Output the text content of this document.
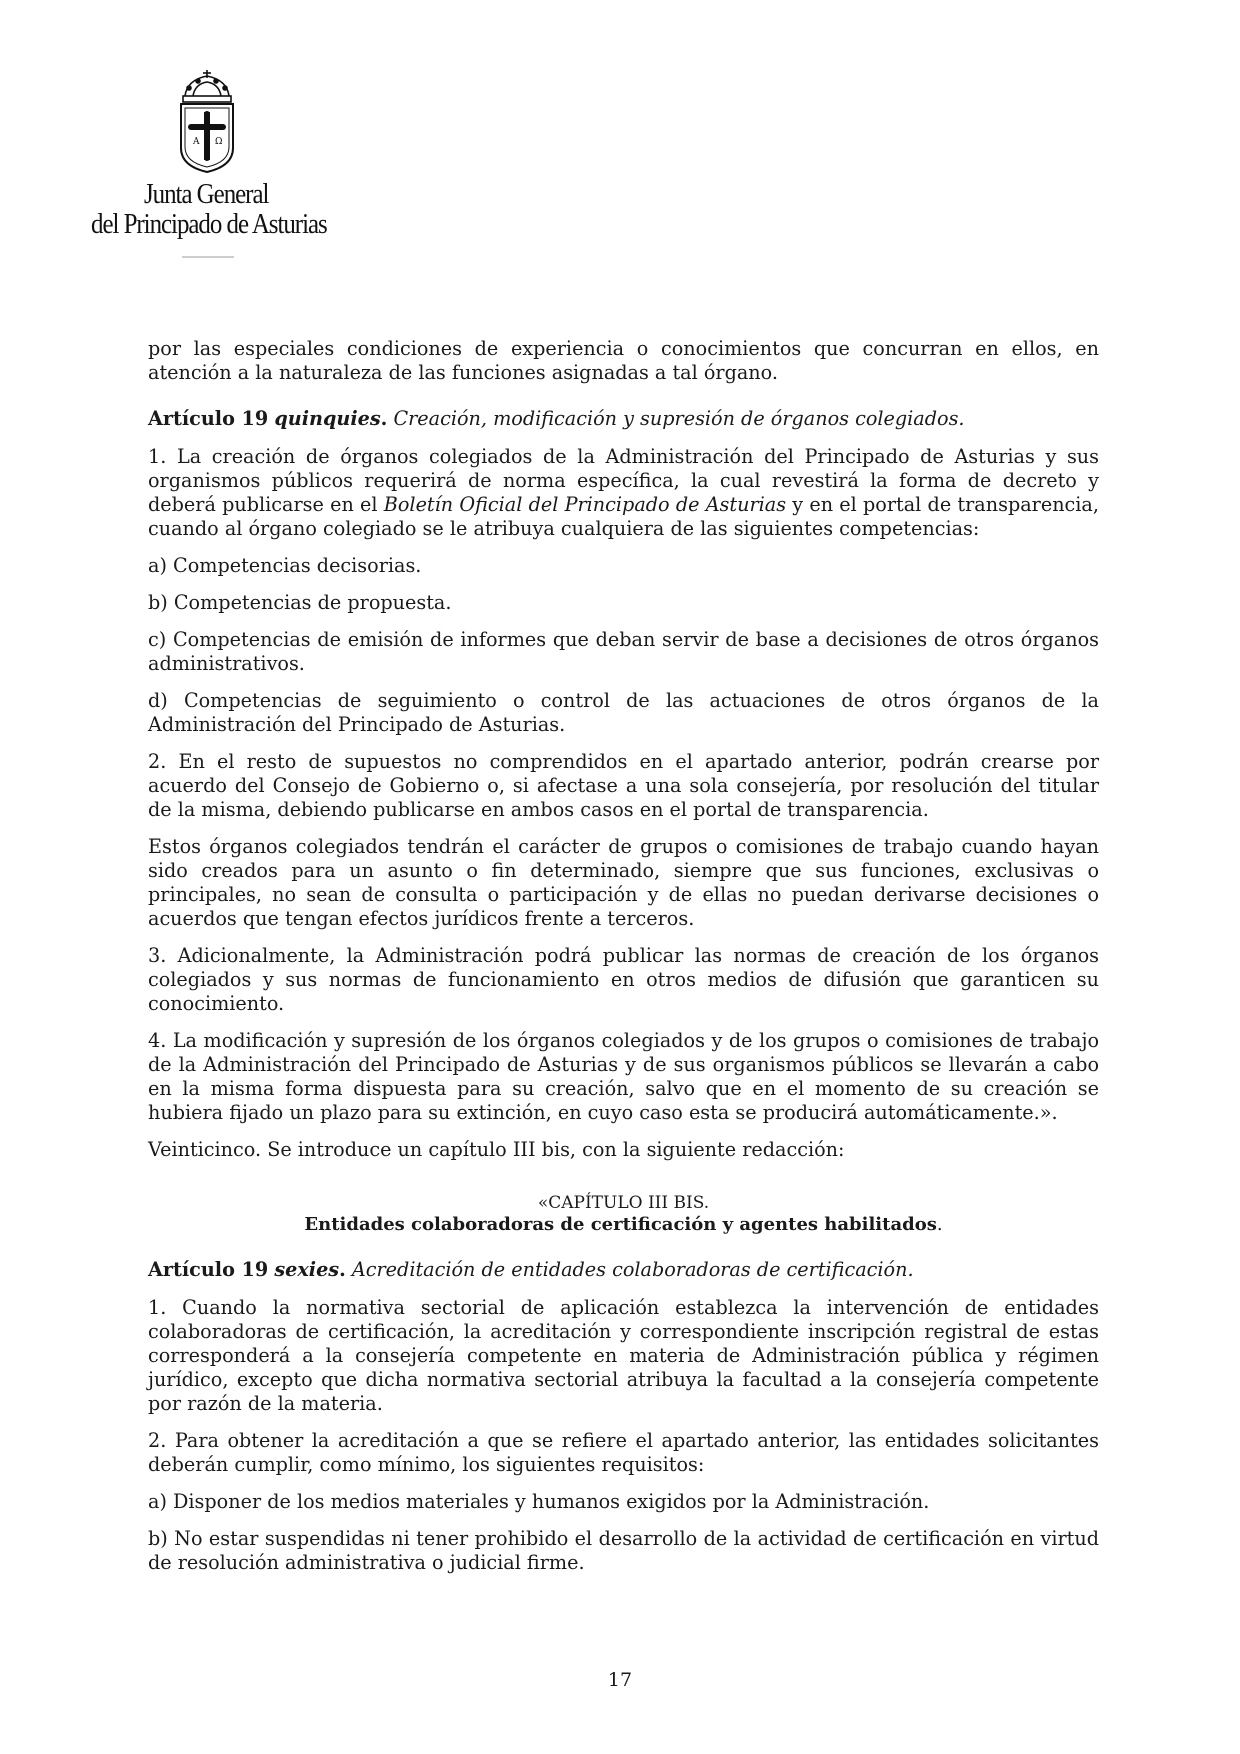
A Ω
Junta General
del Principado de Asturias

por las especiales condiciones de experiencia o conocimientos que concurran en ellos, en atención a la naturaleza de las funciones asignadas a tal órgano.

Artículo 19 quinquies. Creación, modificación y supresión de órganos colegiados.

1. La creación de órganos colegiados de la Administración del Principado de Asturias y sus organismos públicos requerirá de norma específica, la cual revestirá la forma de decreto y deberá publicarse en el Boletín Oficial del Principado de Asturias y en el portal de transparencia, cuando al órgano colegiado se le atribuya cualquiera de las siguientes competencias:

a) Competencias decisorias.

b) Competencias de propuesta.

c) Competencias de emisión de informes que deban servir de base a decisiones de otros órganos administrativos.

d) Competencias de seguimiento o control de las actuaciones de otros órganos de la Administración del Principado de Asturias.

2. En el resto de supuestos no comprendidos en el apartado anterior, podrán crearse por acuerdo del Consejo de Gobierno o, si afectase a una sola consejería, por resolución del titular de la misma, debiendo publicarse en ambos casos en el portal de transparencia.

Estos órganos colegiados tendrán el carácter de grupos o comisiones de trabajo cuando hayan sido creados para un asunto o fin determinado, siempre que sus funciones, exclusivas o principales, no sean de consulta o participación y de ellas no puedan derivarse decisiones o acuerdos que tengan efectos jurídicos frente a terceros.

3. Adicionalmente, la Administración podrá publicar las normas de creación de los órganos colegiados y sus normas de funcionamiento en otros medios de difusión que garanticen su conocimiento.

4. La modificación y supresión de los órganos colegiados y de los grupos o comisiones de trabajo de la Administración del Principado de Asturias y de sus organismos públicos se llevarán a cabo en la misma forma dispuesta para su creación, salvo que en el momento de su creación se hubiera fijado un plazo para su extinción, en cuyo caso esta se producirá automáticamente.».

Veinticinco. Se introduce un capítulo III bis, con la siguiente redacción:

«CAPÍTULO III BIS.

Entidades colaboradoras de certificación y agentes habilitados.

Artículo 19 sexies. Acreditación de entidades colaboradoras de certificación.

1. Cuando la normativa sectorial de aplicación establezca la intervención de entidades colaboradoras de certificación, la acreditación y correspondiente inscripción registral de estas corresponderá a la consejería competente en materia de Administración pública y régimen jurídico, excepto que dicha normativa sectorial atribuya la facultad a la consejería competente por razón de la materia.

2. Para obtener la acreditación a que se refiere el apartado anterior, las entidades solicitantes deberán cumplir, como mínimo, los siguientes requisitos:

a) Disponer de los medios materiales y humanos exigidos por la Administración.

b) No estar suspendidas ni tener prohibido el desarrollo de la actividad de certificación en virtud de resolución administrativa o judicial firme.

17
